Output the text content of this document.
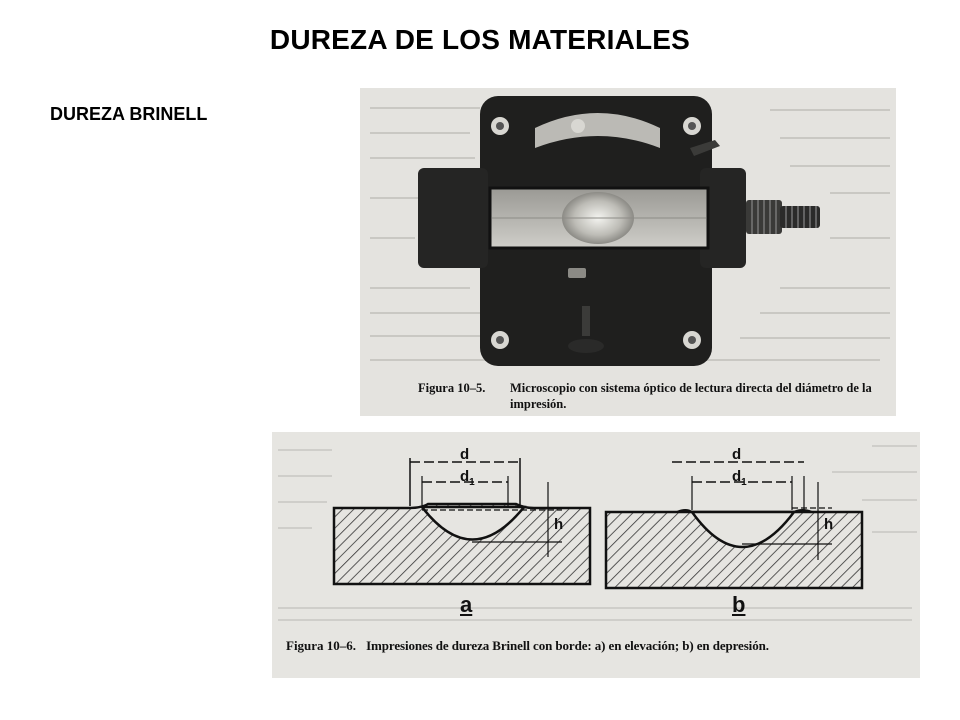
DUREZA DE LOS MATERIALES
DUREZA BRINELL
Figura 10–5. Microscopio con sistema óptico de lectura directa del diámetro de la impresión.
d
$d_1$
h
a
d
$d_1$
h
b
Figura 10–6. Impresiones de dureza Brinell con borde: a) en elevación; b) en depresión.
